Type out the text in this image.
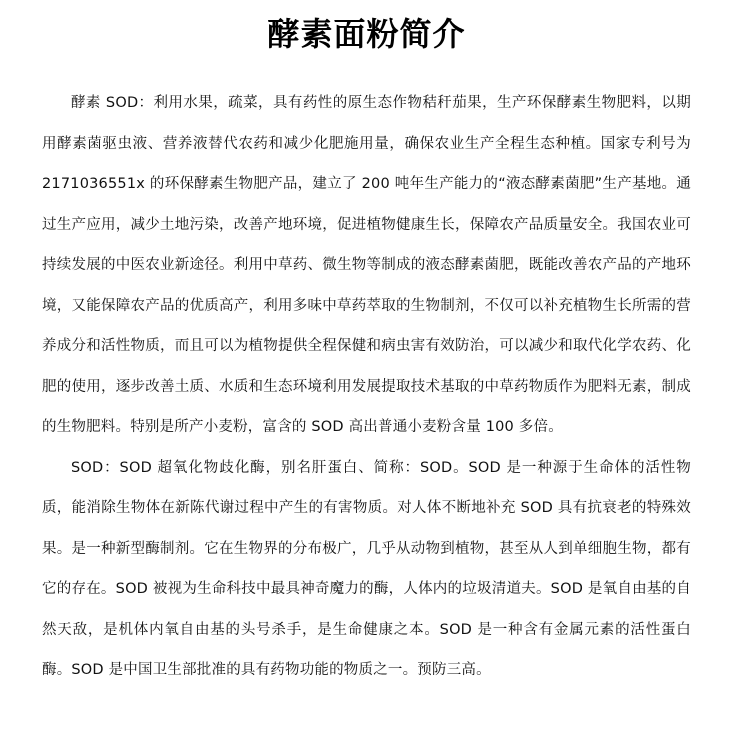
酵素面粉简介

酵素 SOD：利用水果，疏菜，具有药性的原生态作物秸秆茄果，生产环保酵素生物肥料，以期用酵素菌驱虫液、营养液替代农药和减少化肥施用量，确保农业生产全程生态种植。国家专利号为 2171036551x 的环保酵素生物肥产品，建立了 200 吨年生产能力的“液态酵素菌肥”生产基地。通过生产应用，减少土地污染，改善产地环境，促进植物健康生长，保障农产品质量安全。我国农业可持续发展的中医农业新途径。利用中草药、微生物等制成的液态酵素菌肥，既能改善农产品的产地环境，又能保障农产品的优质高产，利用多味中草药萃取的生物制剂，不仅可以补充植物生长所需的营养成分和活性物质，而且可以为植物提供全程保健和病虫害有效防治，可以减少和取代化学农药、化肥的使用，逐步改善土质、水质和生态环境利用发展提取技术基取的中草药物质作为肥料无素，制成的生物肥料。特别是所产小麦粉，富含的 SOD 高出普通小麦粉含量 100 多倍。

SOD：SOD 超氧化物歧化酶，别名肝蛋白、简称：SOD。SOD 是一种源于生命体的活性物质，能消除生物体在新陈代谢过程中产生的有害物质。对人体不断地补充 SOD 具有抗衰老的特殊效果。是一种新型酶制剂。它在生物界的分布极广，几乎从动物到植物，甚至从人到单细胞生物，都有它的存在。SOD 被视为生命科技中最具神奇魔力的酶，人体内的垃圾清道夫。SOD 是氧自由基的自然天敌，是机体内氧自由基的头号杀手，是生命健康之本。SOD 是一种含有金属元素的活性蛋白酶。SOD 是中国卫生部批准的具有药物功能的物质之一。预防三高。
